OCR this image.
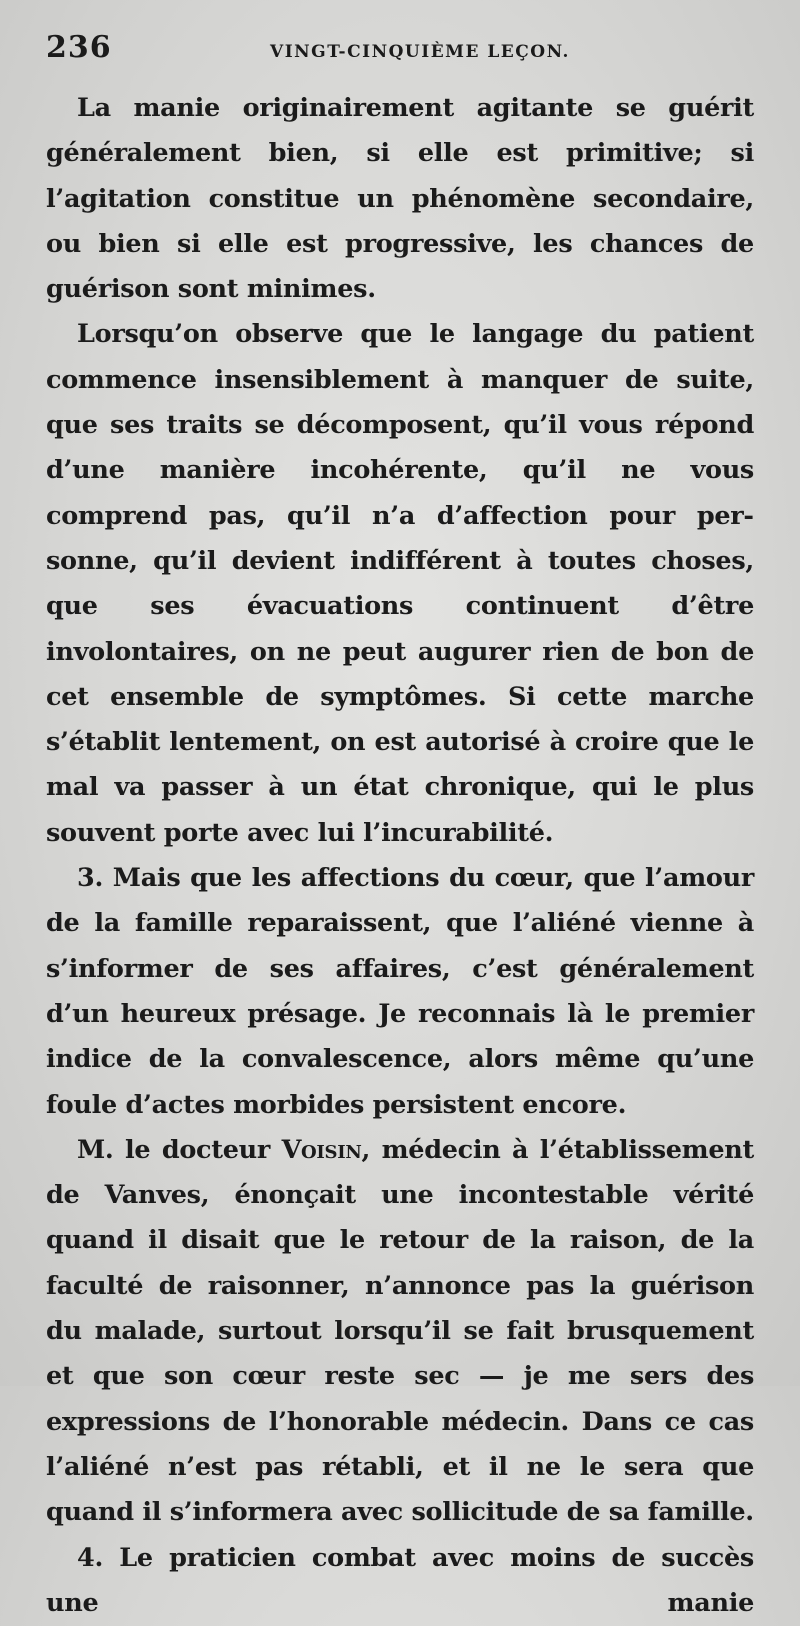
236	VINGT-CINQUIÈME LEÇON.

La manie originairement agitante se guérit généralement bien, si elle est primitive; si l’agitation constitue un phénomène secondaire, ou bien si elle est progressive, les chances de guérison sont minimes.

Lorsqu’on observe que le langage du patient commence insensiblement à manquer de suite, que ses traits se décomposent, qu’il vous répond d’une manière incohérente, qu’il ne vous comprend pas, qu’il n’a d’affection pour personne, qu’il devient indifférent à toutes choses, que ses évacuations continuent d’être involontaires, on ne peut augurer rien de bon de cet ensemble de symptômes. Si cette marche s’établit lentement, on est autorisé à croire que le mal va passer à un état chronique, qui le plus souvent porte avec lui l’incurabilité.

3. Mais que les affections du cœur, que l’amour de la famille reparaissent, que l’aliéné vienne à s’informer de ses affaires, c’est généralement d’un heureux présage. Je reconnais là le premier indice de la convalescence, alors même qu’une foule d’actes morbides persistent encore.

M. le docteur Voisin, médecin à l’établissement de Vanves, énonçait une incontestable vérité quand il disait que le retour de la raison, de la faculté de raisonner, n’annonce pas la guérison du malade, surtout lorsqu’il se fait brusquement et que son cœur reste sec — je me sers des expressions de l’honorable médecin. Dans ce cas l’aliéné n’est pas rétabli, et il ne le sera que quand il s’informera avec sollicitude de sa famille.

4. Le praticien combat avec moins de succès une manie
